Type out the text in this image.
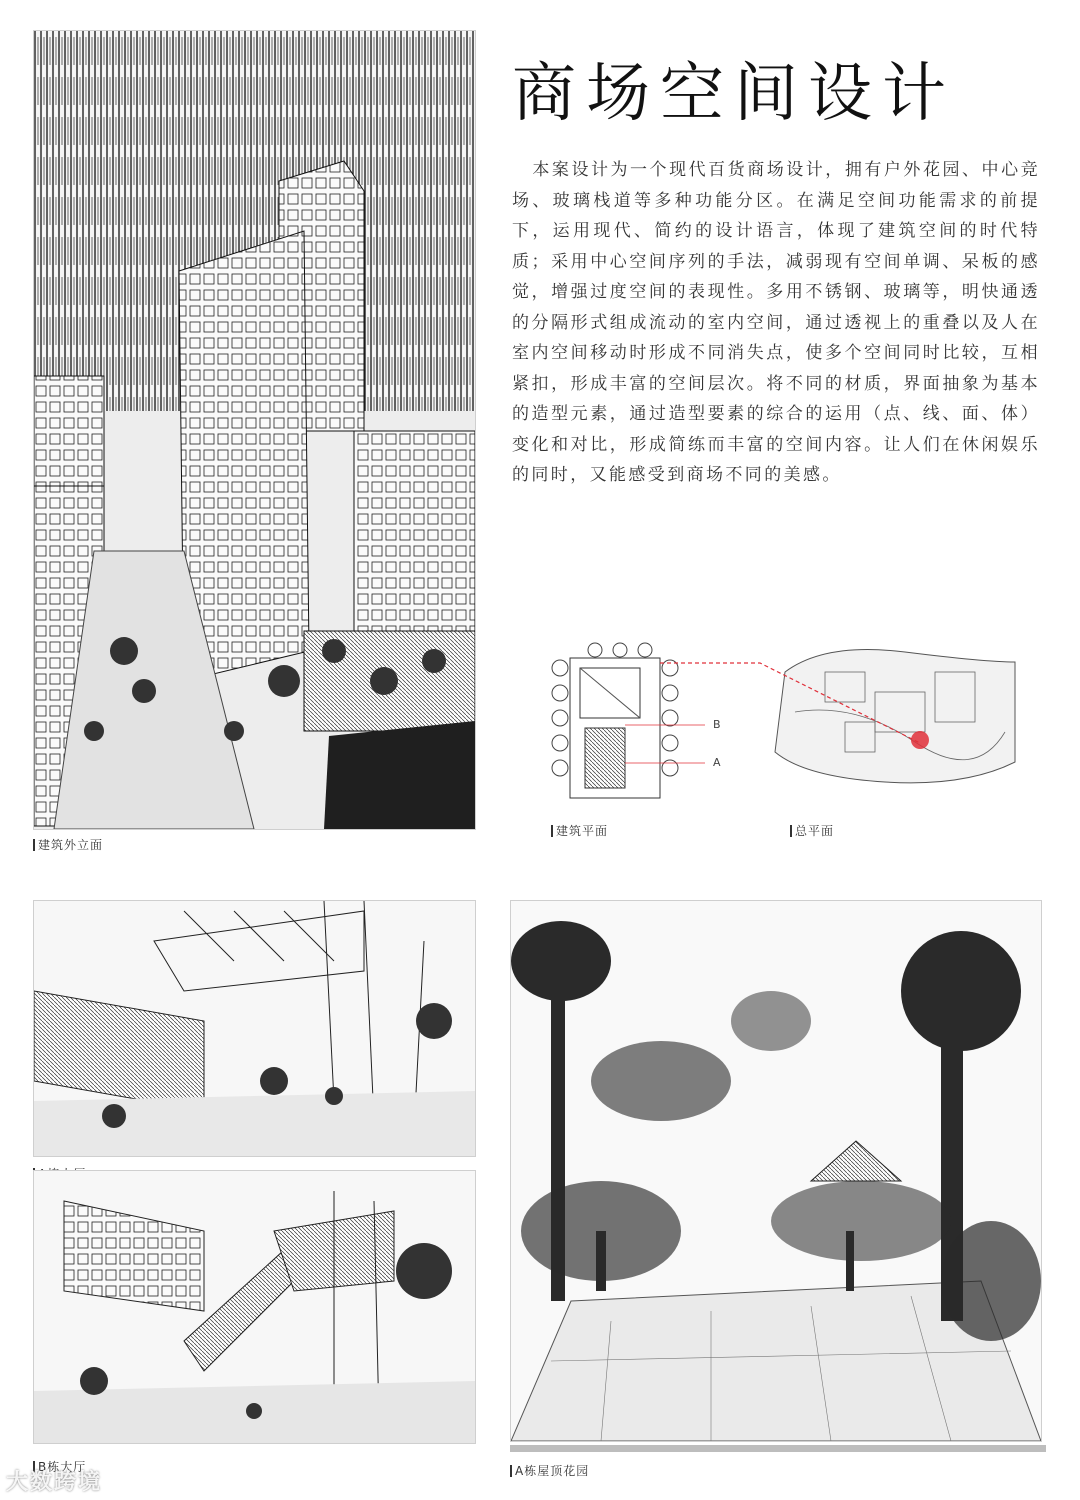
商场空间设计
本案设计为一个现代百货商场设计，拥有户外花园、中心竞场、玻璃栈道等多种功能分区。在满足空间功能需求的前提下，运用现代、简约的设计语言，体现了建筑空间的时代特质；采用中心空间序列的手法，减弱现有空间单调、呆板的感觉，增强过度空间的表现性。多用不锈钢、玻璃等，明快通透的分隔形式组成流动的室内空间，通过透视上的重叠以及人在室内空间移动时形成不同消失点，使多个空间同时比较，互相紧扣，形成丰富的空间层次。将不同的材质，界面抽象为基本的造型元素，通过造型要素的综合的运用（点、线、面、体）变化和对比，形成简练而丰富的空间内容。让人们在休闲娱乐的同时，又能感受到商场不同的美感。
建筑外立面
B
A
建筑平面	总平面
B栋大厅	A栋屋顶花园
大数跨境
